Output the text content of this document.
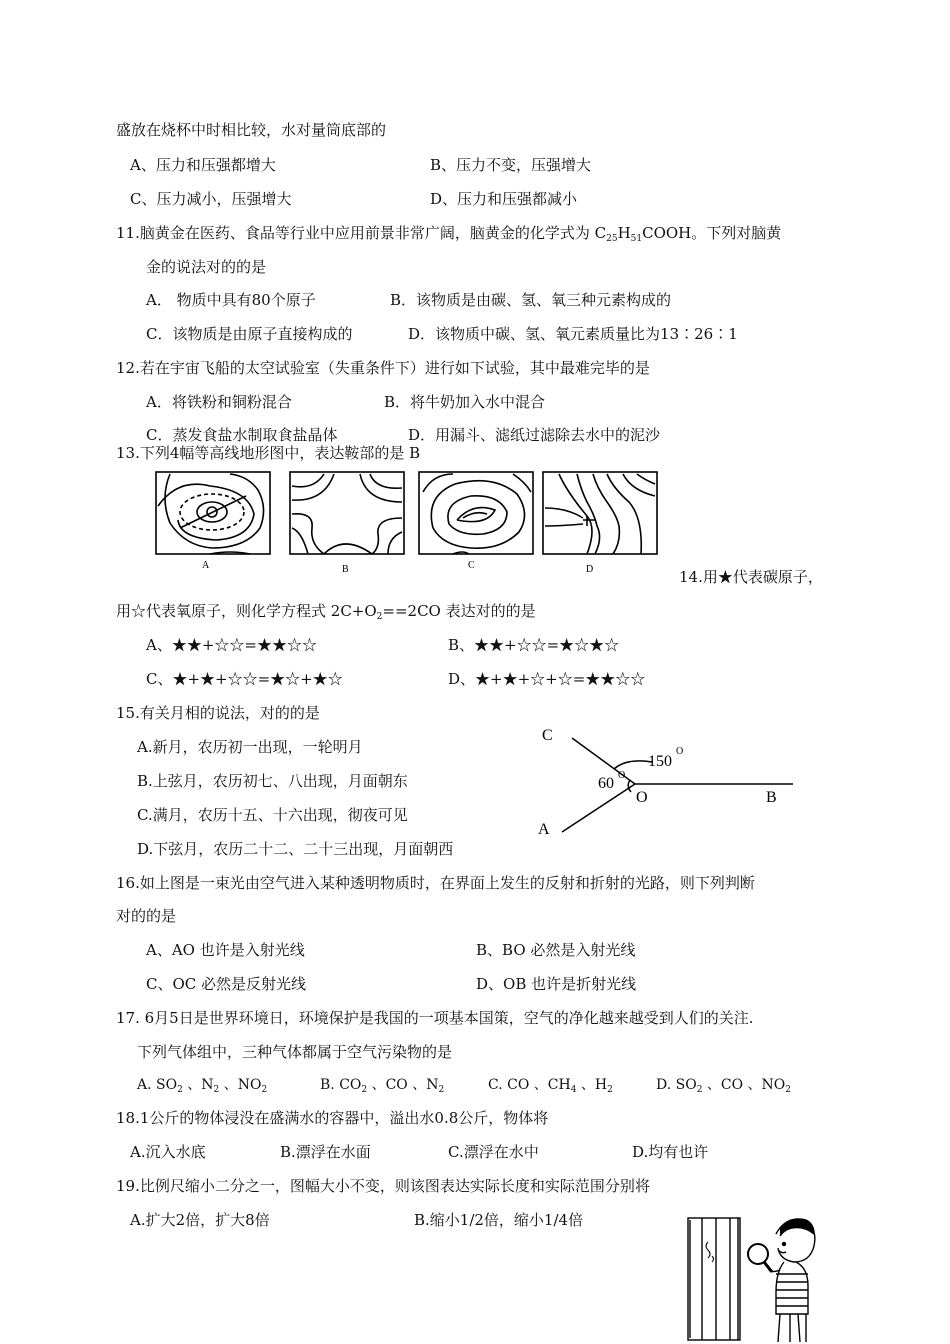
盛放在烧杯中时相比较，水对量筒底部的
A、压力和压强都增大	B、压力不变，压强增大
C、压力减小，压强增大	D、压力和压强都减小
11.脑黄金在医药、食品等行业中应用前景非常广阔，脑黄金的化学式为 $C_{25}H_{51}COOH$。下列对脑黄
金的说法对的的是
A． 物质中具有80个原子	B．该物质是由碳、氢、氧三种元素构成的
C．该物质是由原子直接构成的	D．该物质中碳、氢、氧元素质量比为13∶26∶1
12.若在宇宙飞船的太空试验室（失重条件下）进行如下试验，其中最难完毕的是
A．将铁粉和铜粉混合	B．将牛奶加入水中混合
C．蒸发食盐水制取食盐晶体	D．用漏斗、滤纸过滤除去水中的泥沙
13.下列4幅等高线地形图中，表达鞍部的是 B
A	B	C	D	14.用★代表碳原子，
用☆代表氧原子，则化学方程式 $2C+O_2==2CO$ 表达对的的是
A、★★+☆☆=★★☆☆	B、★★+☆☆=★☆★☆
C、★+★+☆☆=★☆+★☆	D、★+★+☆+☆=★★☆☆
15.有关月相的说法，对的的是
A.新月，农历初一出现，一轮明月
B.上弦月，农历初七、八出现，月面朝东
C.满月，农历十五、十六出现，彻夜可见
D.下弦月，农历二十二、二十三出现，月面朝西
C
A
O	B
150
O
60 O
16.如上图是一束光由空气进入某种透明物质时，在界面上发生的反射和折射的光路，则下列判断
对的的是
A、AO 也许是入射光线	B、BO 必然是入射光线
C、OC 必然是反射光线	D、OB 也许是折射光线
17. 6月5日是世界环境日，环境保护是我国的一项基本国策，空气的净化越来越受到人们的关注.
下列气体组中，三种气体都属于空气污染物的是
A. $SO_2$ 、$N_2$ 、$NO_2$	B. $CO_2$ 、CO 、$N_2$	C. CO 、$CH_4$ 、$H_2$	D. $SO_2$ 、CO 、$NO_2$
18.1公斤的物体浸没在盛满水的容器中，溢出水0.8公斤，物体将
A.沉入水底	B.漂浮在水面	C.漂浮在水中	D.均有也许
19.比例尺缩小二分之一，图幅大小不变，则该图表达实际长度和实际范围分别将
A.扩大2倍，扩大8倍	B.缩小1/2倍，缩小1/4倍
